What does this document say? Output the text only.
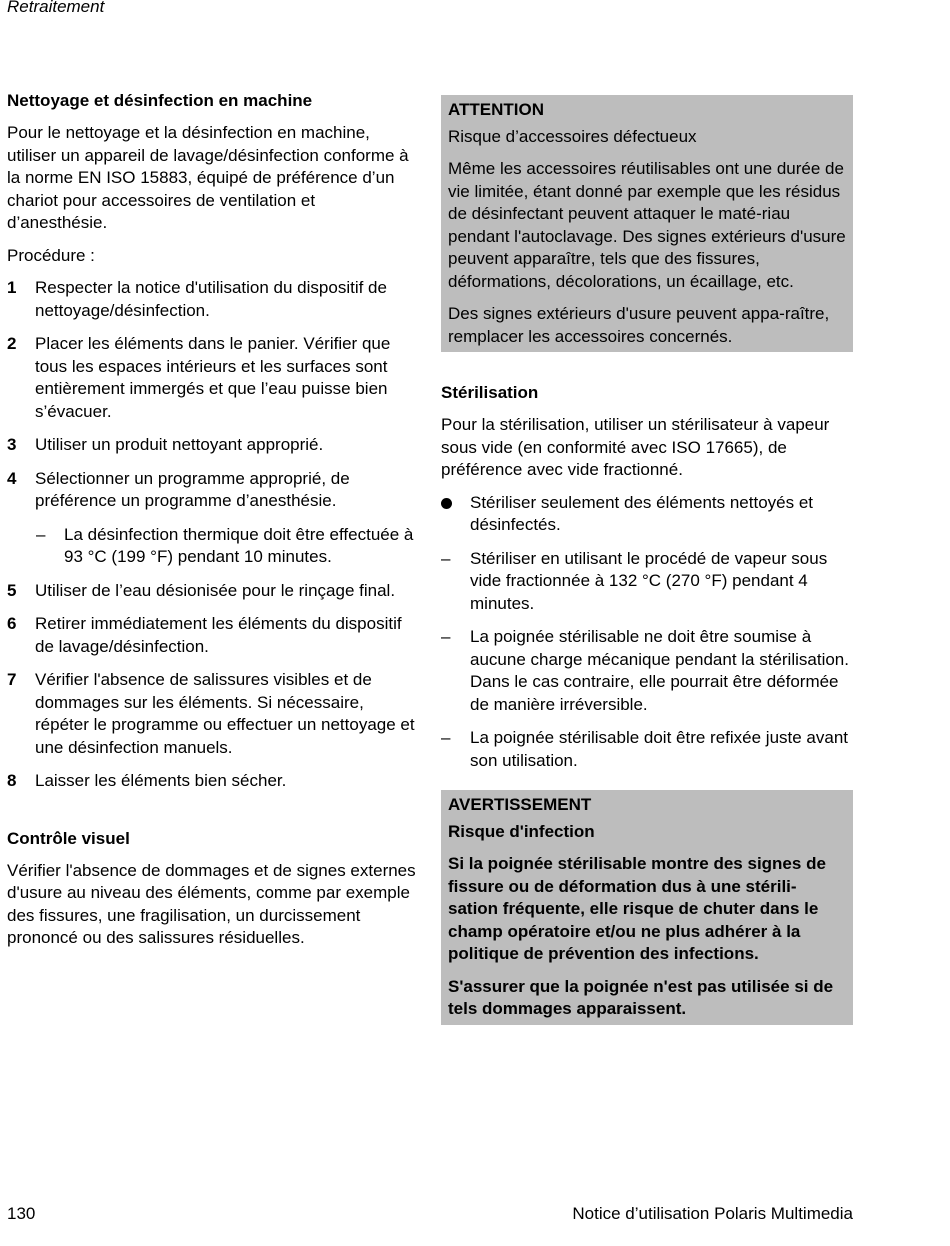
Retraitement
Nettoyage et désinfection en machine

Pour le nettoyage et la désinfection en machine, utiliser un appareil de lavage/désinfection conforme à la norme EN ISO 15883, équipé de préférence d’un chariot pour accessoires de ventilation et d’anesthésie.

Procédure :

1 Respecter la notice d'utilisation du dispositif de nettoyage/désinfection.
2 Placer les éléments dans le panier. Vérifier que tous les espaces intérieurs et les surfaces sont entièrement immergés et que l’eau puisse bien s’évacuer.
3 Utiliser un produit nettoyant approprié.
4 Sélectionner un programme approprié, de préférence un programme d’anesthésie.
– La désinfection thermique doit être effectuée à 93 °C (199 °F) pendant 10 minutes.
5 Utiliser de l’eau désionisée pour le rinçage final.
6 Retirer immédiatement les éléments du dispositif de lavage/désinfection.
7 Vérifier l'absence de salissures visibles et de dommages sur les éléments. Si nécessaire, répéter le programme ou effectuer un nettoyage et une désinfection manuels.
8 Laisser les éléments bien sécher.
Contrôle visuel

Vérifier l'absence de dommages et de signes externes d'usure au niveau des éléments, comme par exemple des fissures, une fragilisation, un durcissement prononcé ou des salissures résiduelles.

ATTENTION
Risque d’accessoires défectueux

Même les accessoires réutilisables ont une durée de vie limitée, étant donné par exemple que les résidus de désinfectant peuvent attaquer le maté-riau pendant l'autoclavage. Des signes extérieurs d'usure peuvent apparaître, tels que des fissures, déformations, décolorations, un écaillage, etc.

Des signes extérieurs d'usure peuvent appa-raître, remplacer les accessoires concernés.

Stérilisation

Pour la stérilisation, utiliser un stérilisateur à vapeur sous vide (en conformité avec ISO 17665), de préférence avec vide fractionné.

Stériliser seulement des éléments nettoyés et désinfectés.
– Stériliser en utilisant le procédé de vapeur sous vide fractionnée à 132 °C (270 °F) pendant 4 minutes.
– La poignée stérilisable ne doit être soumise à aucune charge mécanique pendant la stérilisation. Dans le cas contraire, elle pourrait être déformée de manière irréversible.
– La poignée stérilisable doit être refixée juste avant son utilisation.
AVERTISSEMENT
Risque d'infection

Si la poignée stérilisable montre des signes de fissure ou de déformation dus à une stérili-sation fréquente, elle risque de chuter dans le champ opératoire et/ou ne plus adhérer à la politique de prévention des infections.

S'assurer que la poignée n'est pas utilisée si de tels dommages apparaissent.

130	Notice d’utilisation Polaris Multimedia
